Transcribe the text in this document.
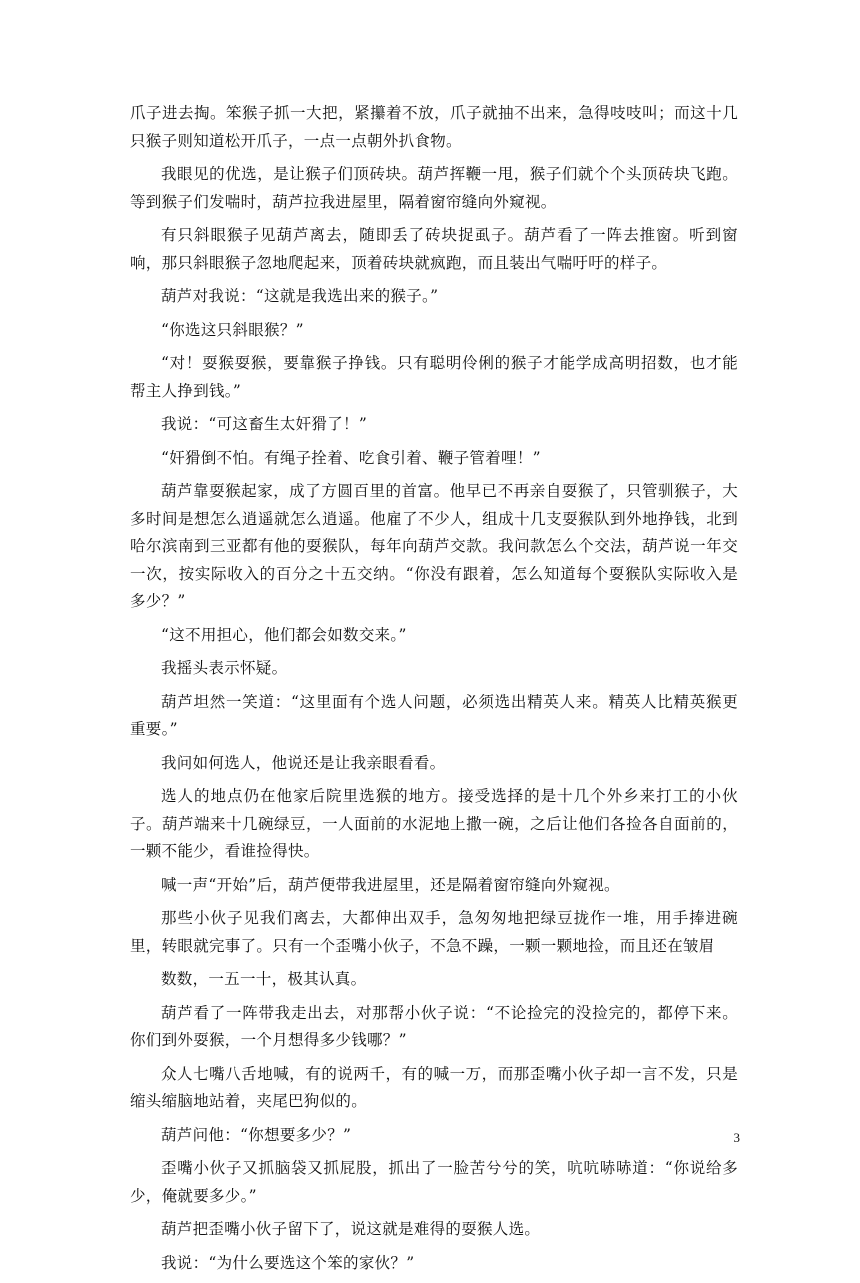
爪子进去掏。笨猴子抓一大把，紧攥着不放，爪子就抽不出来，急得吱吱叫；而这十几只猴子则知道松开爪子，一点一点朝外扒食物。

我眼见的优选，是让猴子们顶砖块。葫芦挥鞭一甩，猴子们就个个头顶砖块飞跑。等到猴子们发喘时，葫芦拉我进屋里，隔着窗帘缝向外窥视。

有只斜眼猴子见葫芦离去，随即丢了砖块捉虱子。葫芦看了一阵去推窗。听到窗响，那只斜眼猴子忽地爬起来，顶着砖块就疯跑，而且装出气喘吁吁的样子。

葫芦对我说：“这就是我选出来的猴子。”

“你选这只斜眼猴？”

“对！耍猴耍猴，要靠猴子挣钱。只有聪明伶俐的猴子才能学成高明招数，也才能帮主人挣到钱。”

我说：“可这畜生太奸猾了！”

“奸猾倒不怕。有绳子拴着、吃食引着、鞭子管着哩！”

葫芦靠耍猴起家，成了方圆百里的首富。他早已不再亲自耍猴了，只管驯猴子，大多时间是想怎么逍遥就怎么逍遥。他雇了不少人，组成十几支耍猴队到外地挣钱，北到哈尔滨南到三亚都有他的耍猴队，每年向葫芦交款。我问款怎么个交法，葫芦说一年交一次，按实际收入的百分之十五交纳。“你没有跟着，怎么知道每个耍猴队实际收入是多少？”

“这不用担心，他们都会如数交来。”

我摇头表示怀疑。

葫芦坦然一笑道：“这里面有个选人问题，必须选出精英人来。精英人比精英猴更重要。”

我问如何选人，他说还是让我亲眼看看。

选人的地点仍在他家后院里选猴的地方。接受选择的是十几个外乡来打工的小伙子。葫芦端来十几碗绿豆，一人面前的水泥地上撒一碗，之后让他们各捡各自面前的，一颗不能少，看谁捡得快。

喊一声“开始”后，葫芦便带我进屋里，还是隔着窗帘缝向外窥视。

那些小伙子见我们离去，大都伸出双手，急匆匆地把绿豆拢作一堆，用手捧进碗里，转眼就完事了。只有一个歪嘴小伙子，不急不躁，一颗一颗地捡，而且还在皱眉

数数，一五一十，极其认真。

葫芦看了一阵带我走出去，对那帮小伙子说：“不论捡完的没捡完的，都停下来。你们到外耍猴，一个月想得多少钱哪？”

众人七嘴八舌地喊，有的说两千，有的喊一万，而那歪嘴小伙子却一言不发，只是缩头缩脑地站着，夹尾巴狗似的。

葫芦问他：“你想要多少？”

歪嘴小伙子又抓脑袋又抓屁股，抓出了一脸苦兮兮的笑，吭吭哧哧道：“你说给多少，俺就要多少。”

葫芦把歪嘴小伙子留下了，说这就是难得的耍猴人选。

我说：“为什么要选这个笨的家伙？”

3
